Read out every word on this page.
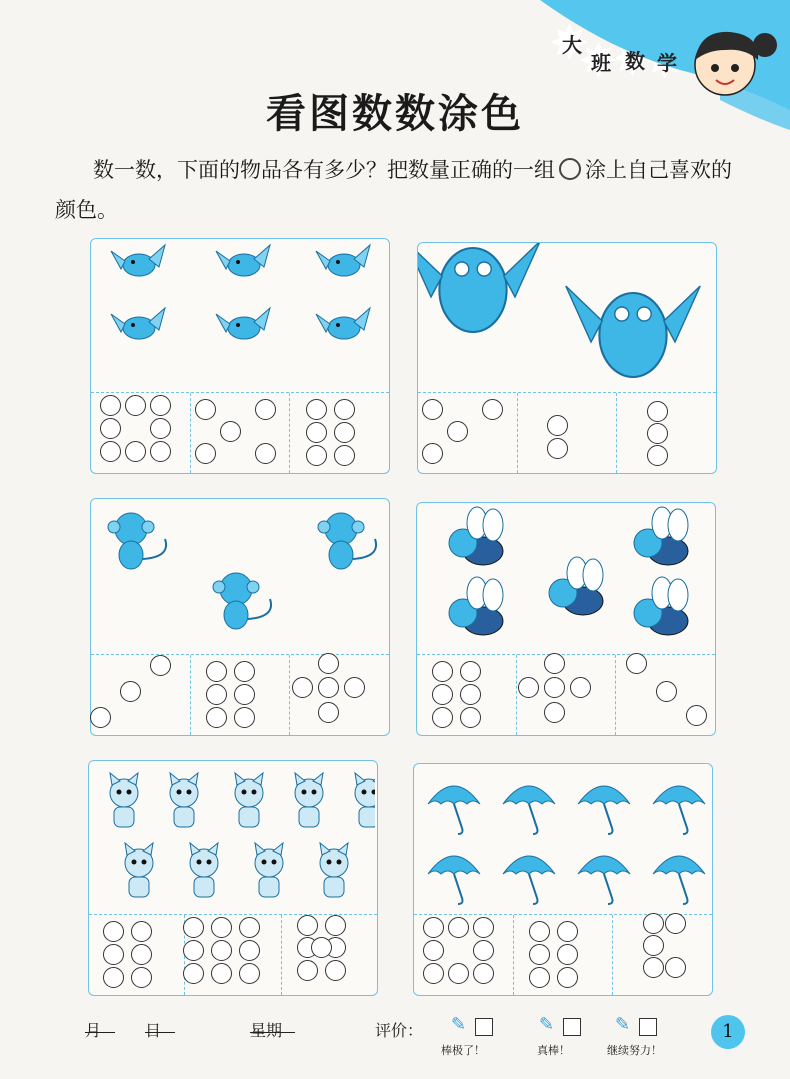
✸ 大
✸ 班 ✸ 数 ✸ 学
看图数数涂色

数一数，下面的物品各有多少？把数量正确的一组 涂上自己喜欢的颜色。

月	日	星期	评价： ✎
棒极了！
✎
真棒！
✎
继续努力！
1
